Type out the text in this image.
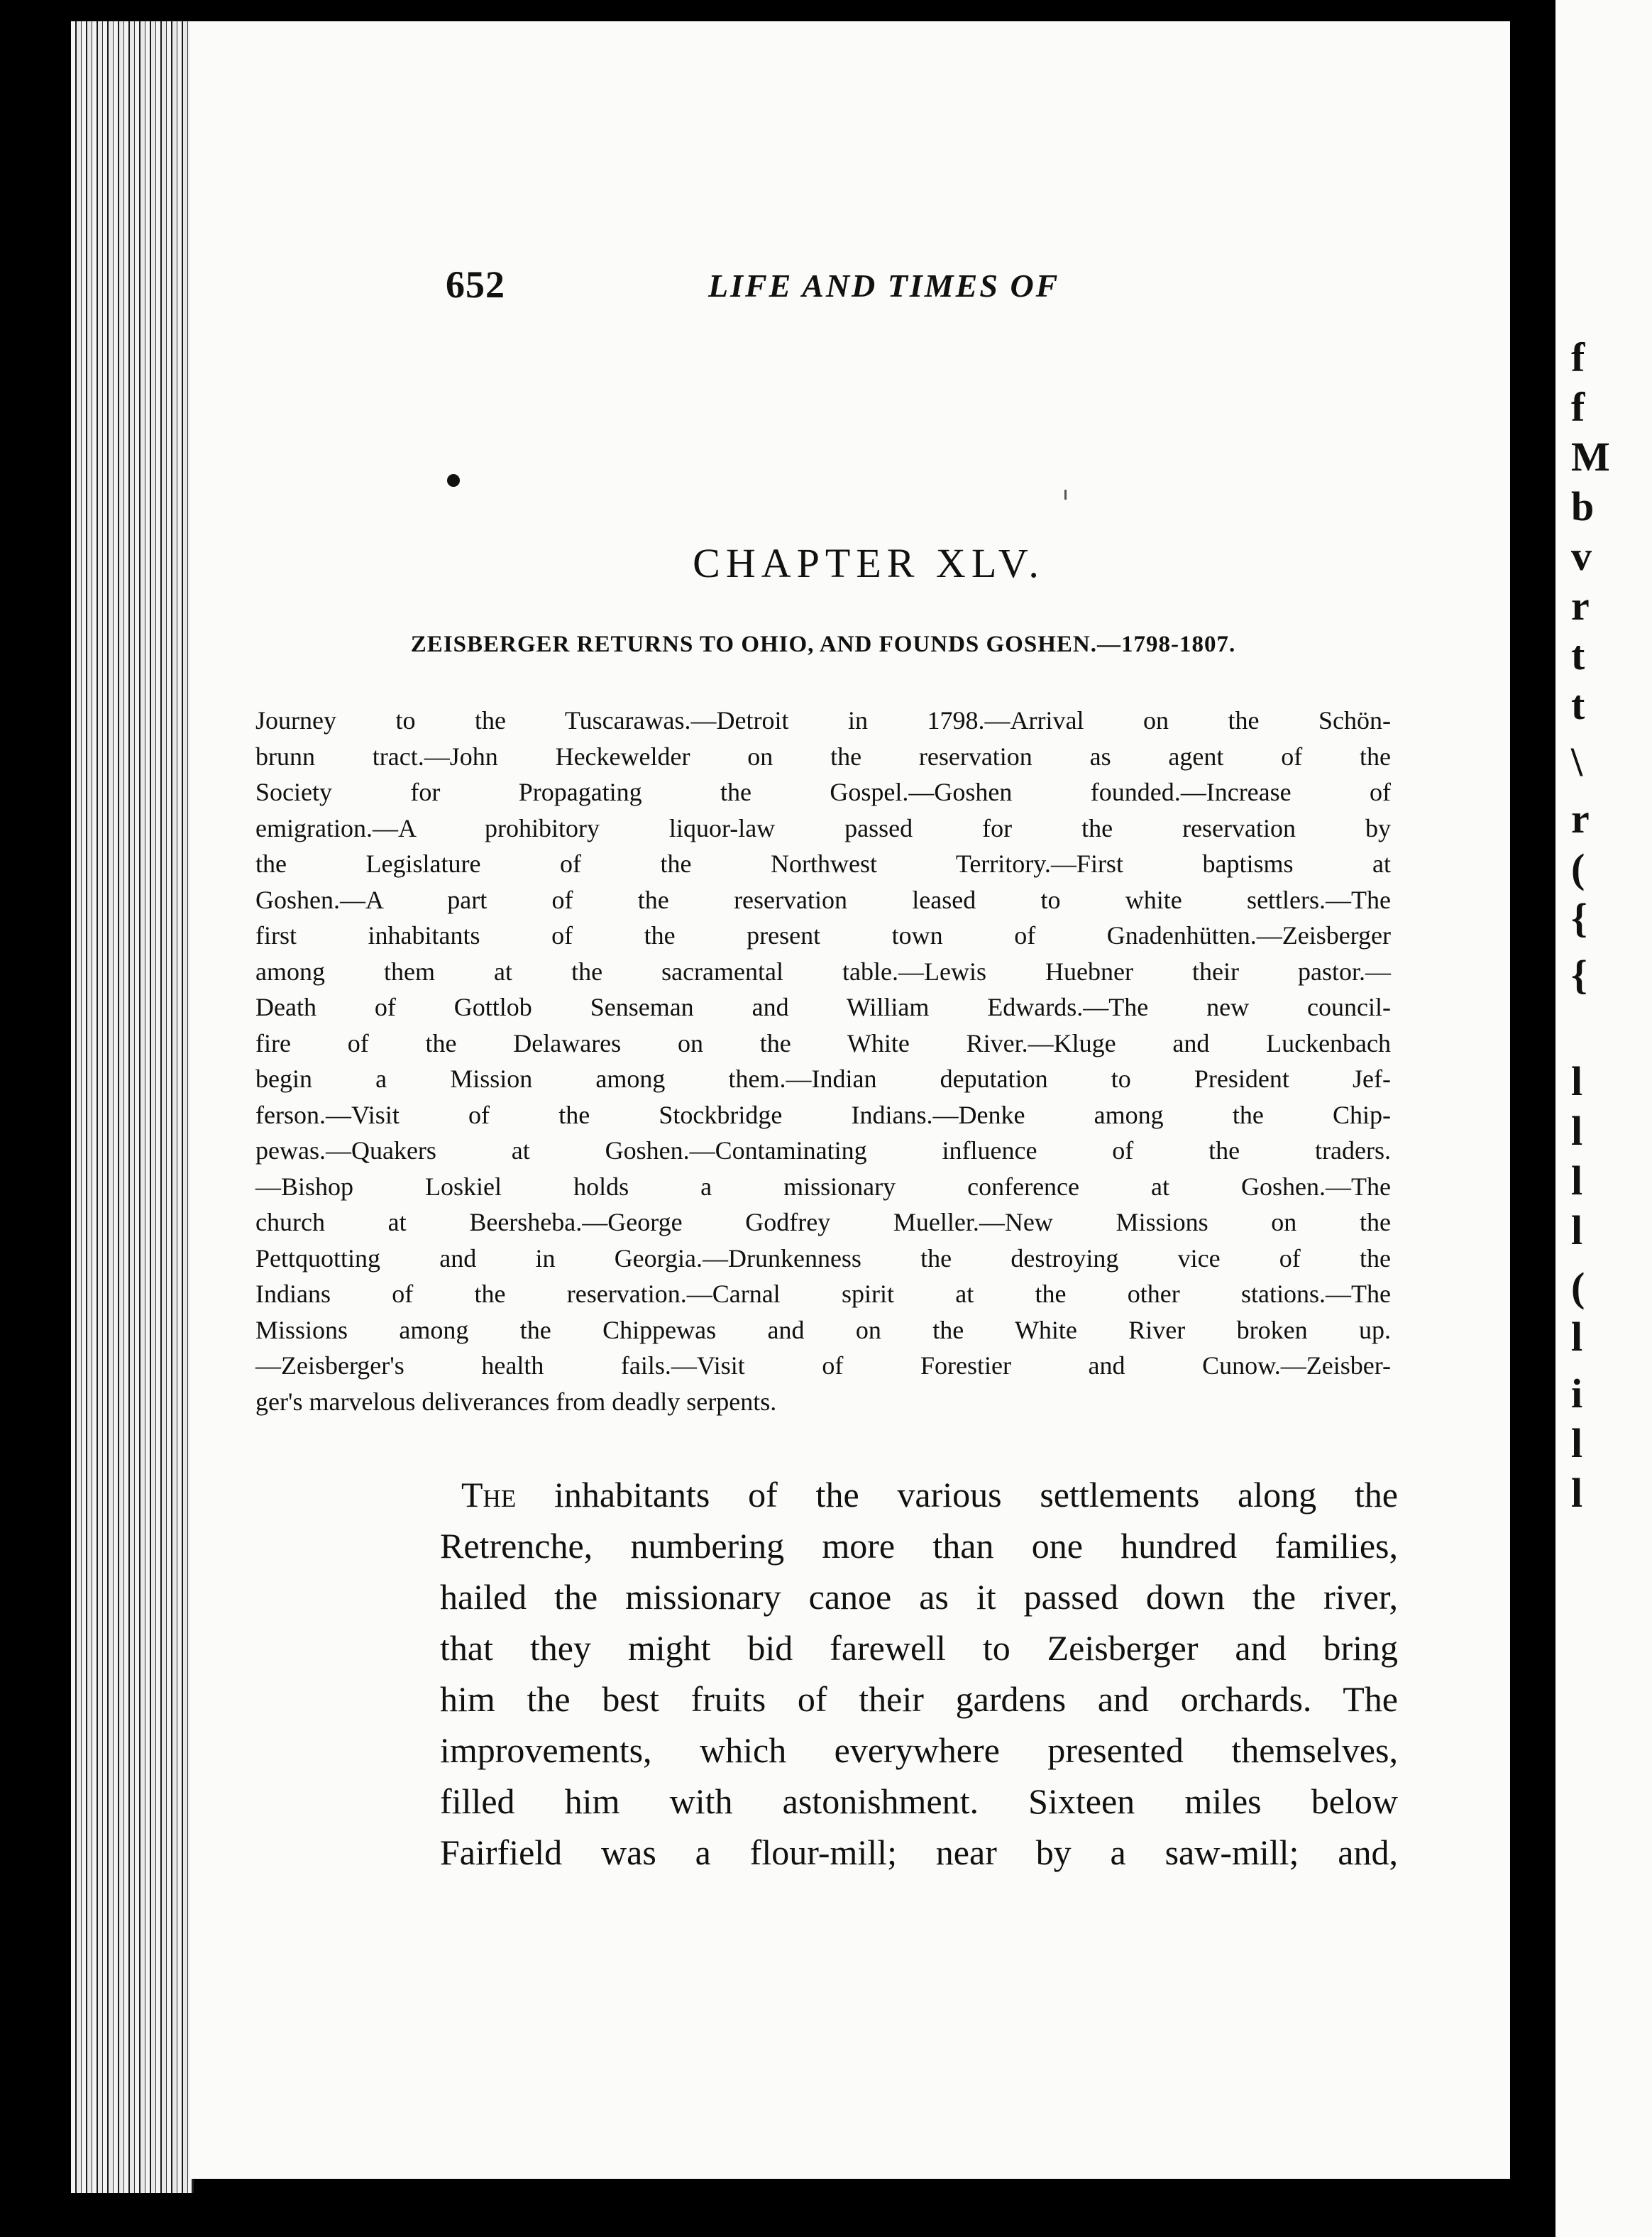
652	LIFE AND TIMES OF
CHAPTER XLV.
ZEISBERGER RETURNS TO OHIO, AND FOUNDS GOSHEN.—1798-1807.
Journey to the Tuscarawas.—Detroit in 1798.—Arrival on the Schön-
brunn tract.—John Heckewelder on the reservation as agent of the
Society for Propagating the Gospel.—Goshen founded.—Increase of
emigration.—A prohibitory liquor-law passed for the reservation by
the Legislature of the Northwest Territory.—First baptisms at
Goshen.—A part of the reservation leased to white settlers.—The
first inhabitants of the present town of Gnadenhütten.—Zeisberger
among them at the sacramental table.—Lewis Huebner their pastor.—
Death of Gottlob Senseman and William Edwards.—The new council-
fire of the Delawares on the White River.—Kluge and Luckenbach
begin a Mission among them.—Indian deputation to President Jef-
ferson.—Visit of the Stockbridge Indians.—Denke among the Chip-
pewas.—Quakers at Goshen.—Contaminating influence of the traders.
—Bishop Loskiel holds a missionary conference at Goshen.—The
church at Beersheba.—George Godfrey Mueller.—New Missions on the
Pettquotting and in Georgia.—Drunkenness the destroying vice of the
Indians of the reservation.—Carnal spirit at the other stations.—The
Missions among the Chippewas and on the White River broken up.
—Zeisberger's health fails.—Visit of Forestier and Cunow.—Zeisber-
ger's marvelous deliverances from deadly serpents.
The inhabitants of the various settlements along the
Retrenche, numbering more than one hundred families,
hailed the missionary canoe as it passed down the river,
that they might bid farewell to Zeisberger and bring
him the best fruits of their gardens and orchards. The
improvements, which everywhere presented themselves,
filled him with astonishment. Sixteen miles below
Fairfield was a flour-mill; near by a saw-mill; and,
f
f
M
b
v
r
t
t
\
r
(
{
{
l
l
l
l
(
l
i
l
l
